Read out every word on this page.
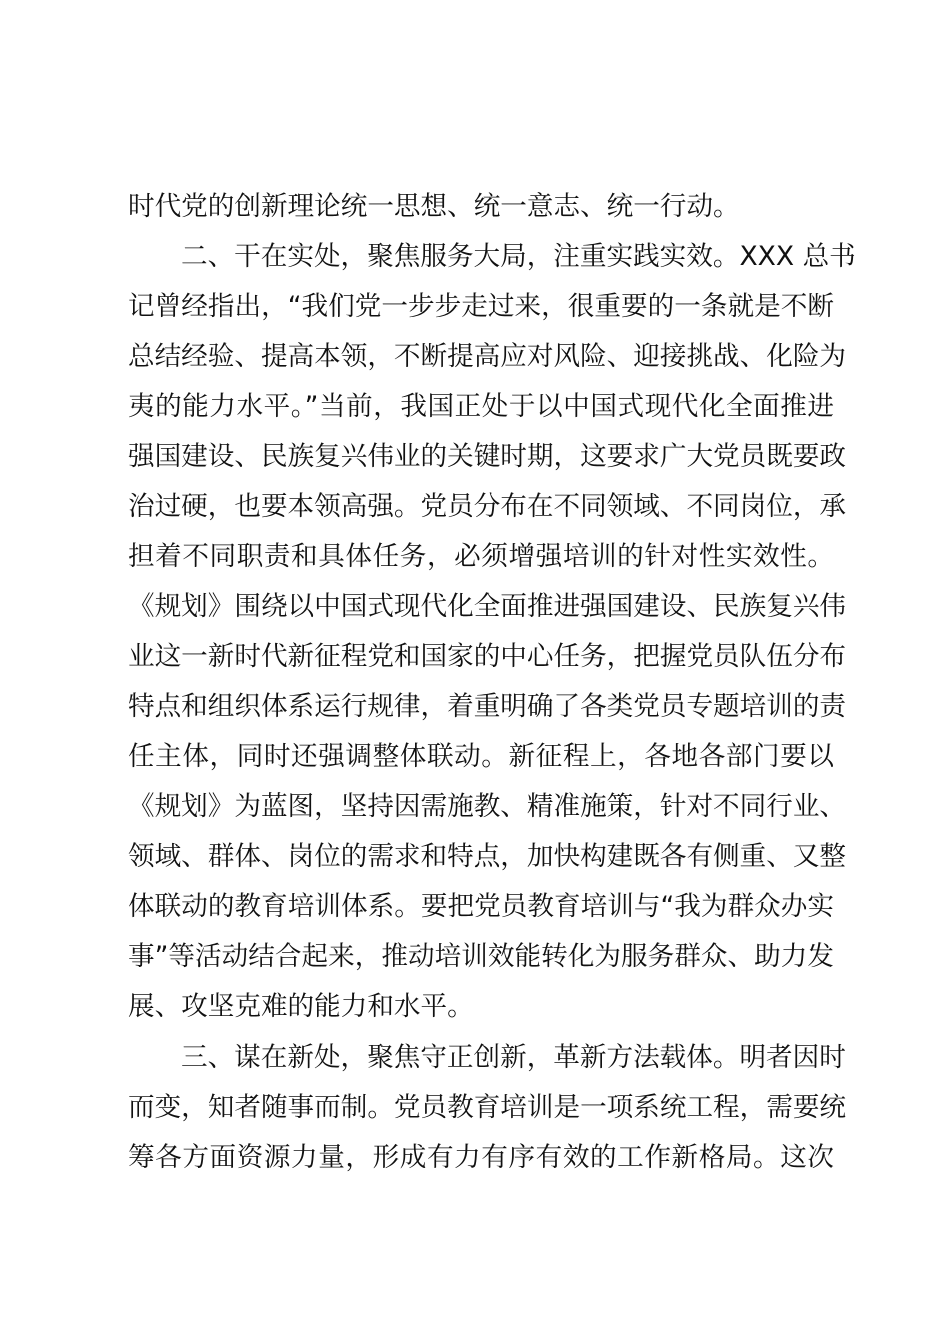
时代党的创新理论统一思想、统一意志、统一行动。
二、干在实处，聚焦服务大局，注重实践实效。XXX 总书
记曾经指出，“我们党一步步走过来，很重要的一条就是不断
总结经验、提高本领，不断提高应对风险、迎接挑战、化险为
夷的能力水平。”当前，我国正处于以中国式现代化全面推进
强国建设、民族复兴伟业的关键时期，这要求广大党员既要政
治过硬，也要本领高强。党员分布在不同领域、不同岗位，承
担着不同职责和具体任务，必须增强培训的针对性实效性。
《规划》围绕以中国式现代化全面推进强国建设、民族复兴伟
业这一新时代新征程党和国家的中心任务，把握党员队伍分布
特点和组织体系运行规律，着重明确了各类党员专题培训的责
任主体，同时还强调整体联动。新征程上，各地各部门要以
《规划》为蓝图，坚持因需施教、精准施策，针对不同行业、
领域、群体、岗位的需求和特点，加快构建既各有侧重、又整
体联动的教育培训体系。要把党员教育培训与“我为群众办实
事”等活动结合起来，推动培训效能转化为服务群众、助力发
展、攻坚克难的能力和水平。
三、谋在新处，聚焦守正创新，革新方法载体。明者因时
而变，知者随事而制。党员教育培训是一项系统工程，需要统
筹各方面资源力量，形成有力有序有效的工作新格局。这次
